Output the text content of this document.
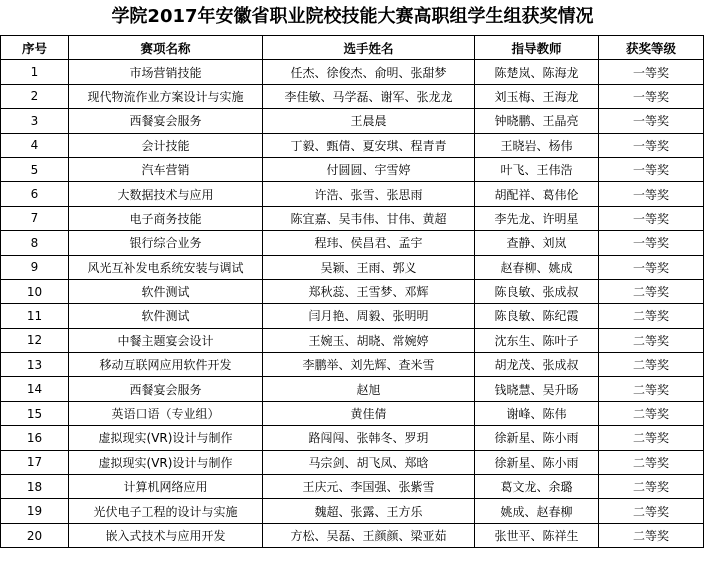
学院2017年安徽省职业院校技能大赛高职组学生组获奖情况
序号	赛项名称	选手姓名	指导教师	获奖等级
1	市场营销技能	任杰、徐俊杰、俞明、张甜梦	陈楚岚、陈海龙	一等奖
2	现代物流作业方案设计与实施	李佳敏、马学磊、谢军、张龙龙	刘玉梅、王海龙	一等奖
3	西餐宴会服务	王晨晨	钟晓鹏、王晶亮	一等奖
4	会计技能	丁毅、甄倩、夏安琪、程青青	王晓岩、杨伟	一等奖
5	汽车营销	付圆圆、宇雪婷	叶飞、王伟浩	一等奖
6	大数据技术与应用	许浩、张雪、张思雨	胡配祥、葛伟伦	一等奖
7	电子商务技能	陈宜嘉、吴韦伟、甘伟、黄超	李先龙、许明星	一等奖
8	银行综合业务	程玮、侯昌君、孟宇	查静、刘岚	一等奖
9	风光互补发电系统安装与调试	吴颖、王雨、郭义	赵春柳、姚成	一等奖
10	软件测试	郑秋蕊、王雪梦、邓辉	陈良敏、张成叔	二等奖
11	软件测试	闫月艳、周毅、张明明	陈良敏、陈纪霞	二等奖
12	中餐主题宴会设计	王婉玉、胡晓、常婉婷	沈东生、陈叶子	二等奖
13	移动互联网应用软件开发	李鹏举、刘先辉、查米雪	胡龙茂、张成叔	二等奖
14	西餐宴会服务	赵旭	钱晓慧、吴升旸	二等奖
15	英语口语（专业组）	黄佳倩	谢峰、陈伟	二等奖
16	虚拟现实(VR)设计与制作	路闯闯、张韩冬、罗玥	徐新星、陈小雨	二等奖
17	虚拟现实(VR)设计与制作	马宗剑、胡飞凤、郑晗	徐新星、陈小雨	二等奖
18	计算机网络应用	王庆元、李国强、张紫雪	葛文龙、余璐	二等奖
19	光伏电子工程的设计与实施	魏超、张露、王方乐	姚成、赵春柳	二等奖
20	嵌入式技术与应用开发	方松、吴磊、王颜颜、梁亚茹	张世平、陈祥生	二等奖
